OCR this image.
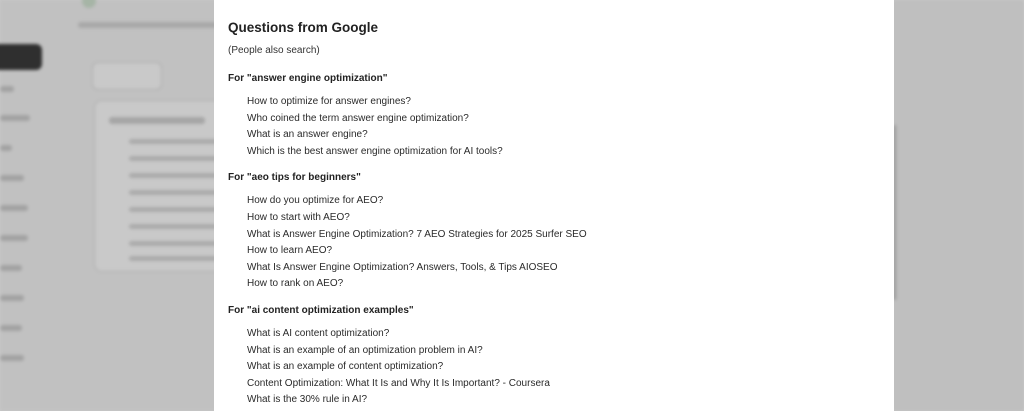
Questions from Google

(People also search)

For "answer engine optimization"
How to optimize for answer engines?
Who coined the term answer engine optimization?
What is an answer engine?
Which is the best answer engine optimization for AI tools?
For "aeo tips for beginners"
How do you optimize for AEO?
How to start with AEO?
What is Answer Engine Optimization? 7 AEO Strategies for 2025 Surfer SEO
How to learn AEO?
What Is Answer Engine Optimization? Answers, Tools, & Tips AIOSEO
How to rank on AEO?
For "ai content optimization examples"
What is AI content optimization?
What is an example of an optimization problem in AI?
What is an example of content optimization?
Content Optimization: What It Is and Why It Is Important? - Coursera
What is the 30% rule in AI?
